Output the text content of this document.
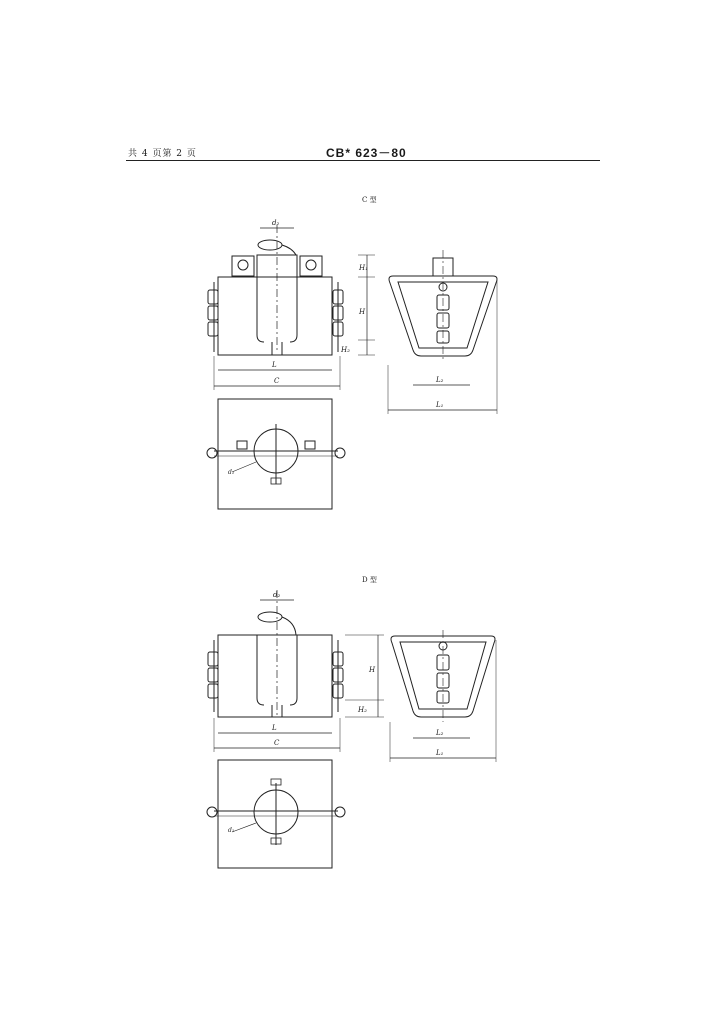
共 4 页第 2 页	CB* 623－80
C 型
D 型
d₂
H₁
H
H₂
L
C	L₂
L₁
d₁
d₂
H
H₂
L
C
L₂
L₁
d₁
